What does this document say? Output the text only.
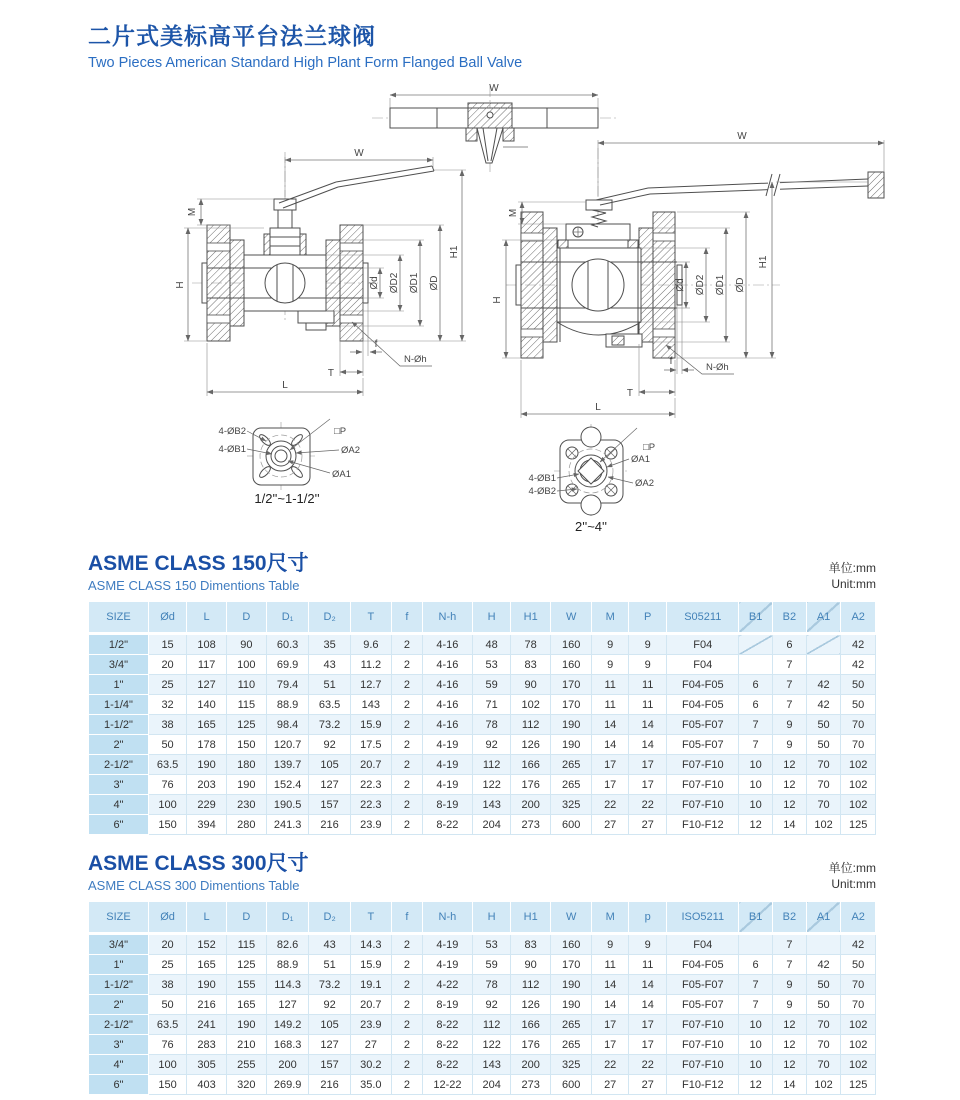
二片式美标高平台法兰球阀
Two Pieces American Standard High Plant Form Flanged Ball Valve
W
W
M
H	Ød ØD2 ØD1 ØD
H1
f
T
L
N-Øh
W
M
H
Ød ØD2 ØD1 ØD
H1
f
N-Øh
T
L
4-ØB2
4-ØB1
□P
ØA2
ØA1
1/2''~1-1/2''
□P
ØA1
ØA2
4-ØB1
4-ØB2
2''~4''
ASME CLASS 150尺寸
ASME CLASS 150 Dimentions Table
单位:mm
Unit:mm
SIZE	Ød	L	D	D₁	D₂	T	f	N-h	H	H1	W	M	P	S05211	B1	B2	A1	A2
1/2"	15	108	90	60.3	35	9.6	2	4-16	48	78	160	9	9	F04		6		42
3/4"	20	117	100	69.9	43	11.2	2	4-16	53	83	160	9	9	F04		7		42
1"	25	127	110	79.4	51	12.7	2	4-16	59	90	170	11	11	F04-F05	6	7	42	50
1-1/4"	32	140	115	88.9	63.5	143	2	4-16	71	102	170	11	11	F04-F05	6	7	42	50
1-1/2"	38	165	125	98.4	73.2	15.9	2	4-16	78	112	190	14	14	F05-F07	7	9	50	70
2"	50	178	150	120.7	92	17.5	2	4-19	92	126	190	14	14	F05-F07	7	9	50	70
2-1/2"	63.5	190	180	139.7	105	20.7	2	4-19	112	166	265	17	17	F07-F10	10	12	70	102
3"	76	203	190	152.4	127	22.3	2	4-19	122	176	265	17	17	F07-F10	10	12	70	102
4"	100	229	230	190.5	157	22.3	2	8-19	143	200	325	22	22	F07-F10	10	12	70	102
6"	150	394	280	241.3	216	23.9	2	8-22	204	273	600	27	27	F10-F12	12	14	102	125
ASME CLASS 300尺寸
ASME CLASS 300 Dimentions Table
单位:mm
Unit:mm
SIZE	Ød	L	D	D₁	D₂	T	f	N-h	H	H1	W	M	p	ISO5211	B1	B2	A1	A2
3/4"	20	152	115	82.6	43	14.3	2	4-19	53	83	160	9	9	F04		7		42
1"	25	165	125	88.9	51	15.9	2	4-19	59	90	170	11	11	F04-F05	6	7	42	50
1-1/2"	38	190	155	114.3	73.2	19.1	2	4-22	78	112	190	14	14	F05-F07	7	9	50	70
2"	50	216	165	127	92	20.7	2	8-19	92	126	190	14	14	F05-F07	7	9	50	70
2-1/2"	63.5	241	190	149.2	105	23.9	2	8-22	112	166	265	17	17	F07-F10	10	12	70	102
3"	76	283	210	168.3	127	27	2	8-22	122	176	265	17	17	F07-F10	10	12	70	102
4"	100	305	255	200	157	30.2	2	8-22	143	200	325	22	22	F07-F10	10	12	70	102
6"	150	403	320	269.9	216	35.0	2	12-22	204	273	600	27	27	F10-F12	12	14	102	125
